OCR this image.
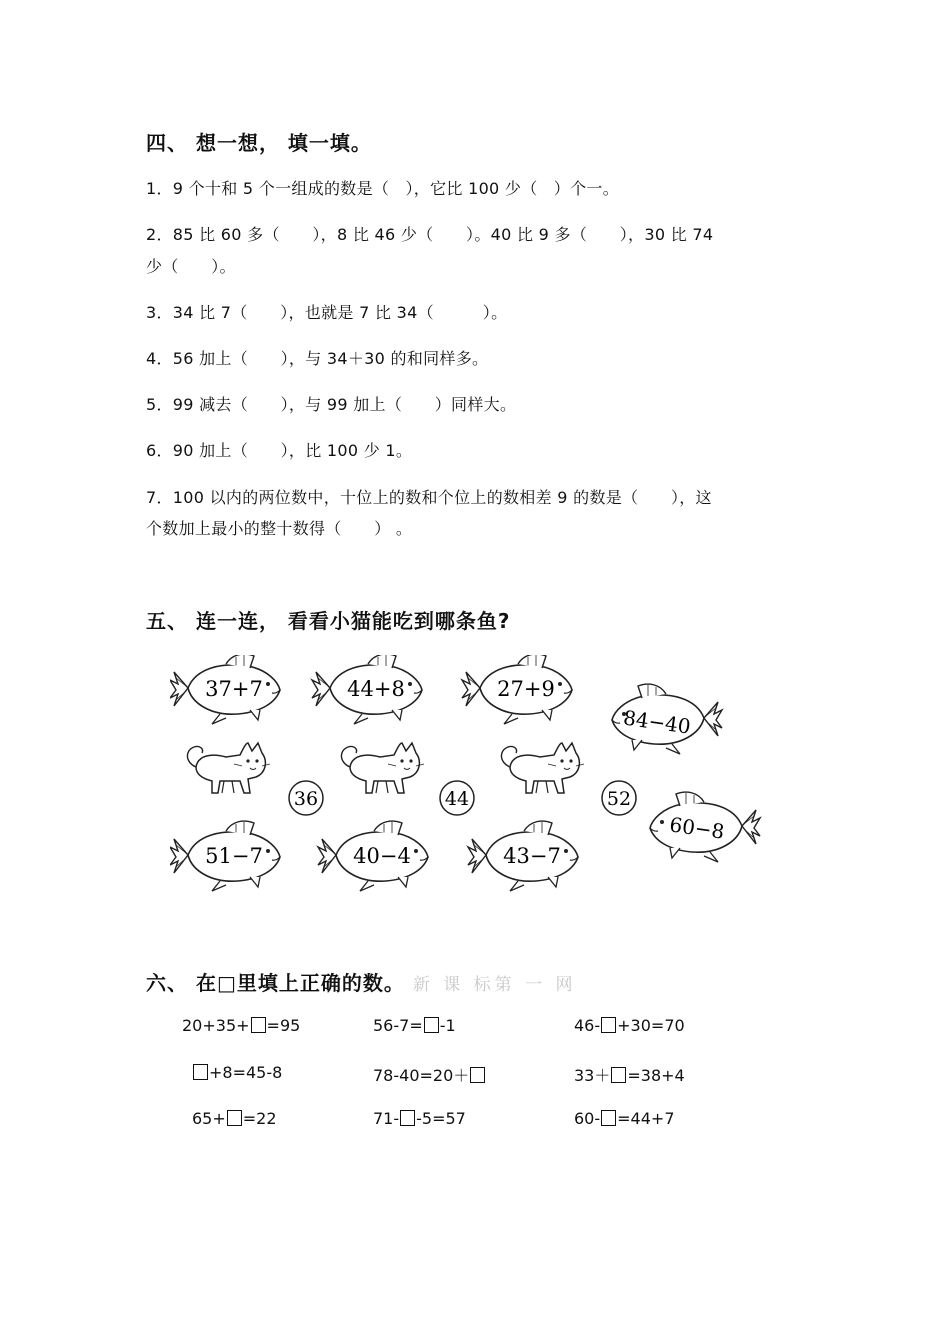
四、 想一想， 填一填。
1．9 个十和 5 个一组成的数是（　），它比 100 少（　）个一。
2．85 比 60 多（　　），8 比 46 少（　　）。40 比 9 多（　　），30 比 74
少（　　）。
3．34 比 7（　　），也就是 7 比 34（　　　）。
4．56 加上（　　），与 34＋30 的和同样多。
5．99 减去（　　），与 99 加上（　　）同样大。
6．90 加上（　　），比 100 少 1。
7．100 以内的两位数中，十位上的数和个位上的数相差 9 的数是（　　），这
个数加上最小的整十数得（　　） 。
五、 连一连， 看看小猫能吃到哪条鱼?
37+7	44+8	27+9
84−40
36	44	52
51−7	40−4	43−7
60−8
六、 在□里填上正确的数。 新 课 标第 一 网
20+35+ =95	56-7= -1	46- +30=70
+8=45-8	78-40=20＋	33＋ =38+4
65+ =22	71- -5=57	60- =44+7
